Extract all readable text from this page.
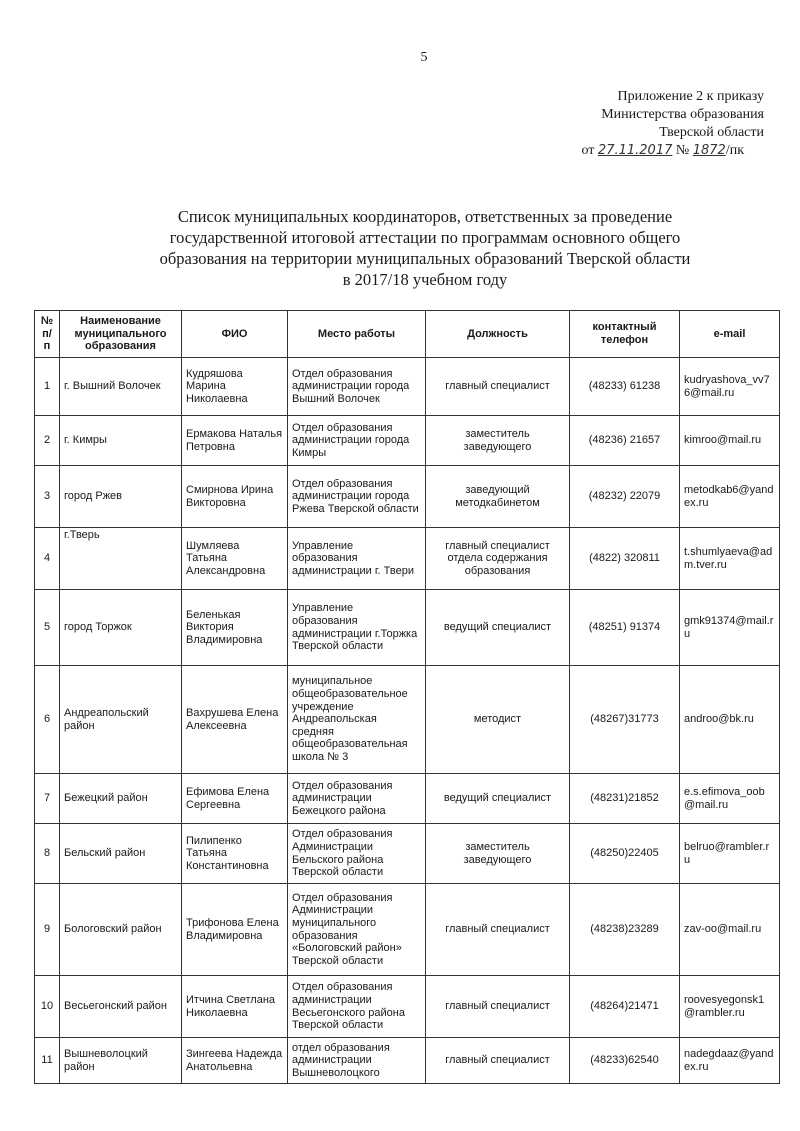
5
Приложение 2 к приказу
Министерства образования
Тверской области
от 27.11.2017 № 1872/пк
Список муниципальных координаторов, ответственных за проведение
государственной итоговой аттестации по программам основного общего
образования на территории муниципальных образований Тверской области
в 2017/18 учебном году
№ п/п	Наименование муниципального образования	ФИО	Место работы	Должность	контактный телефон	e-mail
1	г. Вышний Волочек	Кудряшова Марина Николаевна	Отдел образования администрации города Вышний Волочек	главный специалист	(48233) 61238	kudryashova_vv76@mail.ru
2	г. Кимры	Ермакова Наталья Петровна	Отдел образования администрации города Кимры	заместитель заведующего	(48236) 21657	kimroo@mail.ru
3	город Ржев	Смирнова Ирина Викторовна	Отдел образования администрации города Ржева Тверской области	заведующий методкабинетом	(48232) 22079	metodkab6@yandex.ru
4	г.Тверь	Шумляева Татьяна Александровна	Управление образования администрации г. Твери	главный специалист отдела содержания образования	(4822) 320811	t.shumlyaeva@adm.tver.ru
5	город Торжок	Беленькая Виктория Владимировна	Управление образования администрации г.Торжка Тверской области	ведущий специалист	(48251) 91374	gmk91374@mail.ru
6	Андреапольский район	Вахрушева Елена Алексеевна	муниципальное общеобразовательное учреждение Андреапольская средняя общеобразовательная школа № 3	методист	(48267)31773	androo@bk.ru
7	Бежецкий район	Ефимова Елена Сергеевна	Отдел образования администрации Бежецкого района	ведущий специалист	(48231)21852	e.s.efimova_oob@mail.ru
8	Бельский район	Пилипенко Татьяна Константиновна	Отдел образования Администрации Бельского района Тверской области	заместитель заведующего	(48250)22405	belruo@rambler.ru
9	Бологовский район	Трифонова Елена Владимировна	Отдел образования Администрации муниципального образования «Бологовский район» Тверской области	главный специалист	(48238)23289	zav-oo@mail.ru
10	Весьегонский район	Итчина Светлана Николаевна	Отдел образования администрации Весьегонского района Тверской области	главный специалист	(48264)21471	roovesyegonsk1@rambler.ru
11	Вышневолоцкий район	Зингеева Надежда Анатольевна	отдел образования администрации Вышневолоцкого	главный специалист	(48233)62540	nadegdaaz@yandex.ru
